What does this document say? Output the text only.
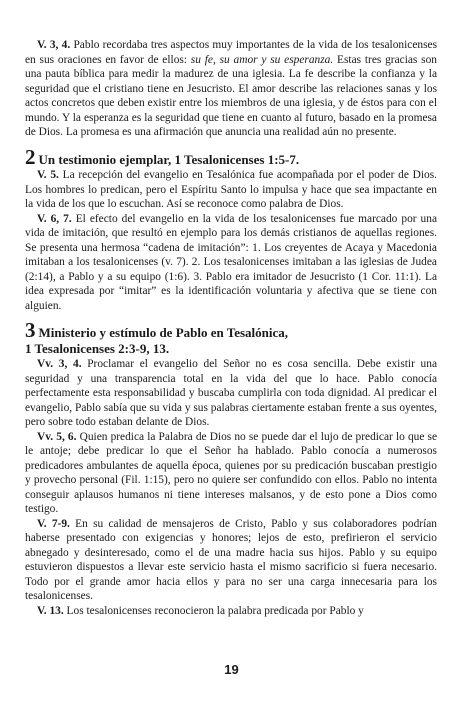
V. 3, 4. Pablo recordaba tres aspectos muy importantes de la vida de los tesalonicenses en sus oraciones en favor de ellos: su fe, su amor y su esperanza. Estas tres gracias son una pauta bíblica para medir la madurez de una iglesia. La fe describe la confianza y la seguridad que el cristiano tiene en Jesucristo. El amor describe las relaciones sanas y los actos concretos que deben existir entre los miembros de una iglesia, y de éstos para con el mundo. Y la esperanza es la seguridad que tiene en cuanto al futuro, basado en la promesa de Dios. La promesa es una afirmación que anuncia una realidad aún no presente.

2 Un testimonio ejemplar, 1 Tesalonicenses 1:5-7.

V. 5. La recepción del evangelio en Tesalónica fue acompañada por el poder de Dios. Los hombres lo predican, pero el Espíritu Santo lo impulsa y hace que sea impactante en la vida de los que lo escuchan. Así se reconoce como palabra de Dios.

V. 6, 7. El efecto del evangelio en la vida de los tesalonicenses fue marcado por una vida de imitación, que resultó en ejemplo para los demás cristianos de aquellas regiones. Se presenta una hermosa “cadena de imitación”: 1. Los creyentes de Acaya y Macedonia imitaban a los tesalonicenses (v. 7). 2. Los tesalonicenses imitaban a las iglesias de Judea (2:14), a Pablo y a su equipo (1:6). 3. Pablo era imitador de Jesucristo (1 Cor. 11:1). La idea expresada por “imitar” es la identificación voluntaria y afectiva que se tiene con alguien.

3 Ministerio y estímulo de Pablo en Tesalónica,
1 Tesalonicenses 2:3-9, 13.

Vv. 3, 4. Proclamar el evangelio del Señor no es cosa sencilla. Debe existir una seguridad y una transparencia total en la vida del que lo hace. Pablo conocía perfectamente esta responsabilidad y buscaba cumplirla con toda dignidad. Al predicar el evangelio, Pablo sabía que su vida y sus palabras ciertamente estaban frente a sus oyentes, pero sobre todo estaban delante de Dios.

Vv. 5, 6. Quien predica la Palabra de Dios no se puede dar el lujo de predicar lo que se le antoje; debe predicar lo que el Señor ha hablado. Pablo conocía a numerosos predicadores ambulantes de aquella época, quienes por su predicación buscaban prestigio y provecho personal (Fil. 1:15), pero no quiere ser confundido con ellos. Pablo no intenta conseguir aplausos humanos ni tiene intereses malsanos, y de esto pone a Dios como testigo.

V. 7-9. En su calidad de mensajeros de Cristo, Pablo y sus colaboradores podrían haberse presentado con exigencias y honores; lejos de esto, prefirieron el servicio abnegado y desinteresado, como el de una madre hacia sus hijos. Pablo y su equipo estuvieron dispuestos a llevar este servicio hasta el mismo sacrificio si fuera necesario. Todo por el grande amor hacia ellos y para no ser una carga innecesaria para los tesalonicenses.

V. 13. Los tesalonicenses reconocieron la palabra predicada por Pablo y

19
